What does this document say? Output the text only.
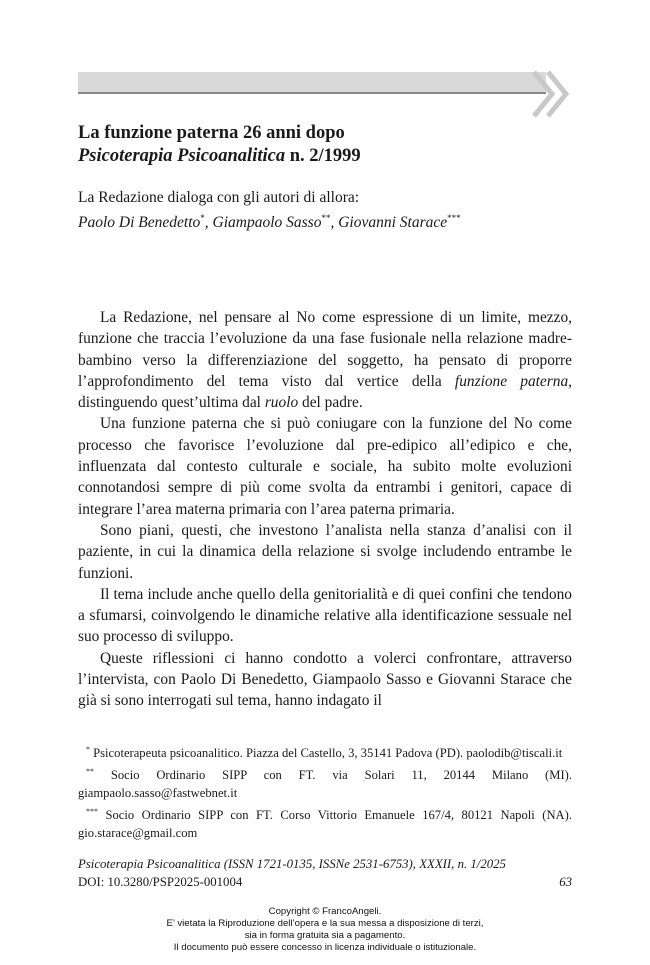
La funzione paterna 26 anni dopo
Psicoterapia Psicoanalitica n. 2/1999
La Redazione dialoga con gli autori di allora:
Paolo Di Benedetto*, Giampaolo Sasso**, Giovanni Starace***

La Redazione, nel pensare al No come espressione di un limite, mezzo, funzione che traccia l’evoluzione da una fase fusionale nella relazione madre-bambino verso la differenziazione del soggetto, ha pensato di proporre l’approfondimento del tema visto dal vertice della funzione paterna, distinguendo quest’ultima dal ruolo del padre.

Una funzione paterna che si può coniugare con la funzione del No come processo che favorisce l’evoluzione dal pre-edipico all’edipico e che, influenzata dal contesto culturale e sociale, ha subito molte evoluzioni connotandosi sempre di più come svolta da entrambi i genitori, capace di integrare l’area materna primaria con l’area paterna primaria.

Sono piani, questi, che investono l’analista nella stanza d’analisi con il paziente, in cui la dinamica della relazione si svolge includendo entrambe le funzioni.

Il tema include anche quello della genitorialità e di quei confini che tendono a sfumarsi, coinvolgendo le dinamiche relative alla identificazione sessuale nel suo processo di sviluppo.

Queste riflessioni ci hanno condotto a volerci confrontare, attraverso l’intervista, con Paolo Di Benedetto, Giampaolo Sasso e Giovanni Starace che già si sono interrogati sul tema, hanno indagato il

* Psicoterapeuta psicoanalitico. Piazza del Castello, 3, 35141 Padova (PD). paolodib@tiscali.it

** Socio Ordinario SIPP con FT. via Solari 11, 20144 Milano (MI). giampaolo.sasso@fastwebnet.it

*** Socio Ordinario SIPP con FT. Corso Vittorio Emanuele 167/4, 80121 Napoli (NA). gio.starace@gmail.com

Psicoterapia Psicoanalitica (ISSN 1721-0135, ISSNe 2531-6753), XXXII, n. 1/2025
DOI: 10.3280/PSP2025-001004	63
Copyright © FrancoAngeli.
E’ vietata la Riproduzione dell’opera e la sua messa a disposizione di terzi,
sia in forma gratuita sia a pagamento.
Il documento può essere concesso in licenza individuale o istituzionale.
